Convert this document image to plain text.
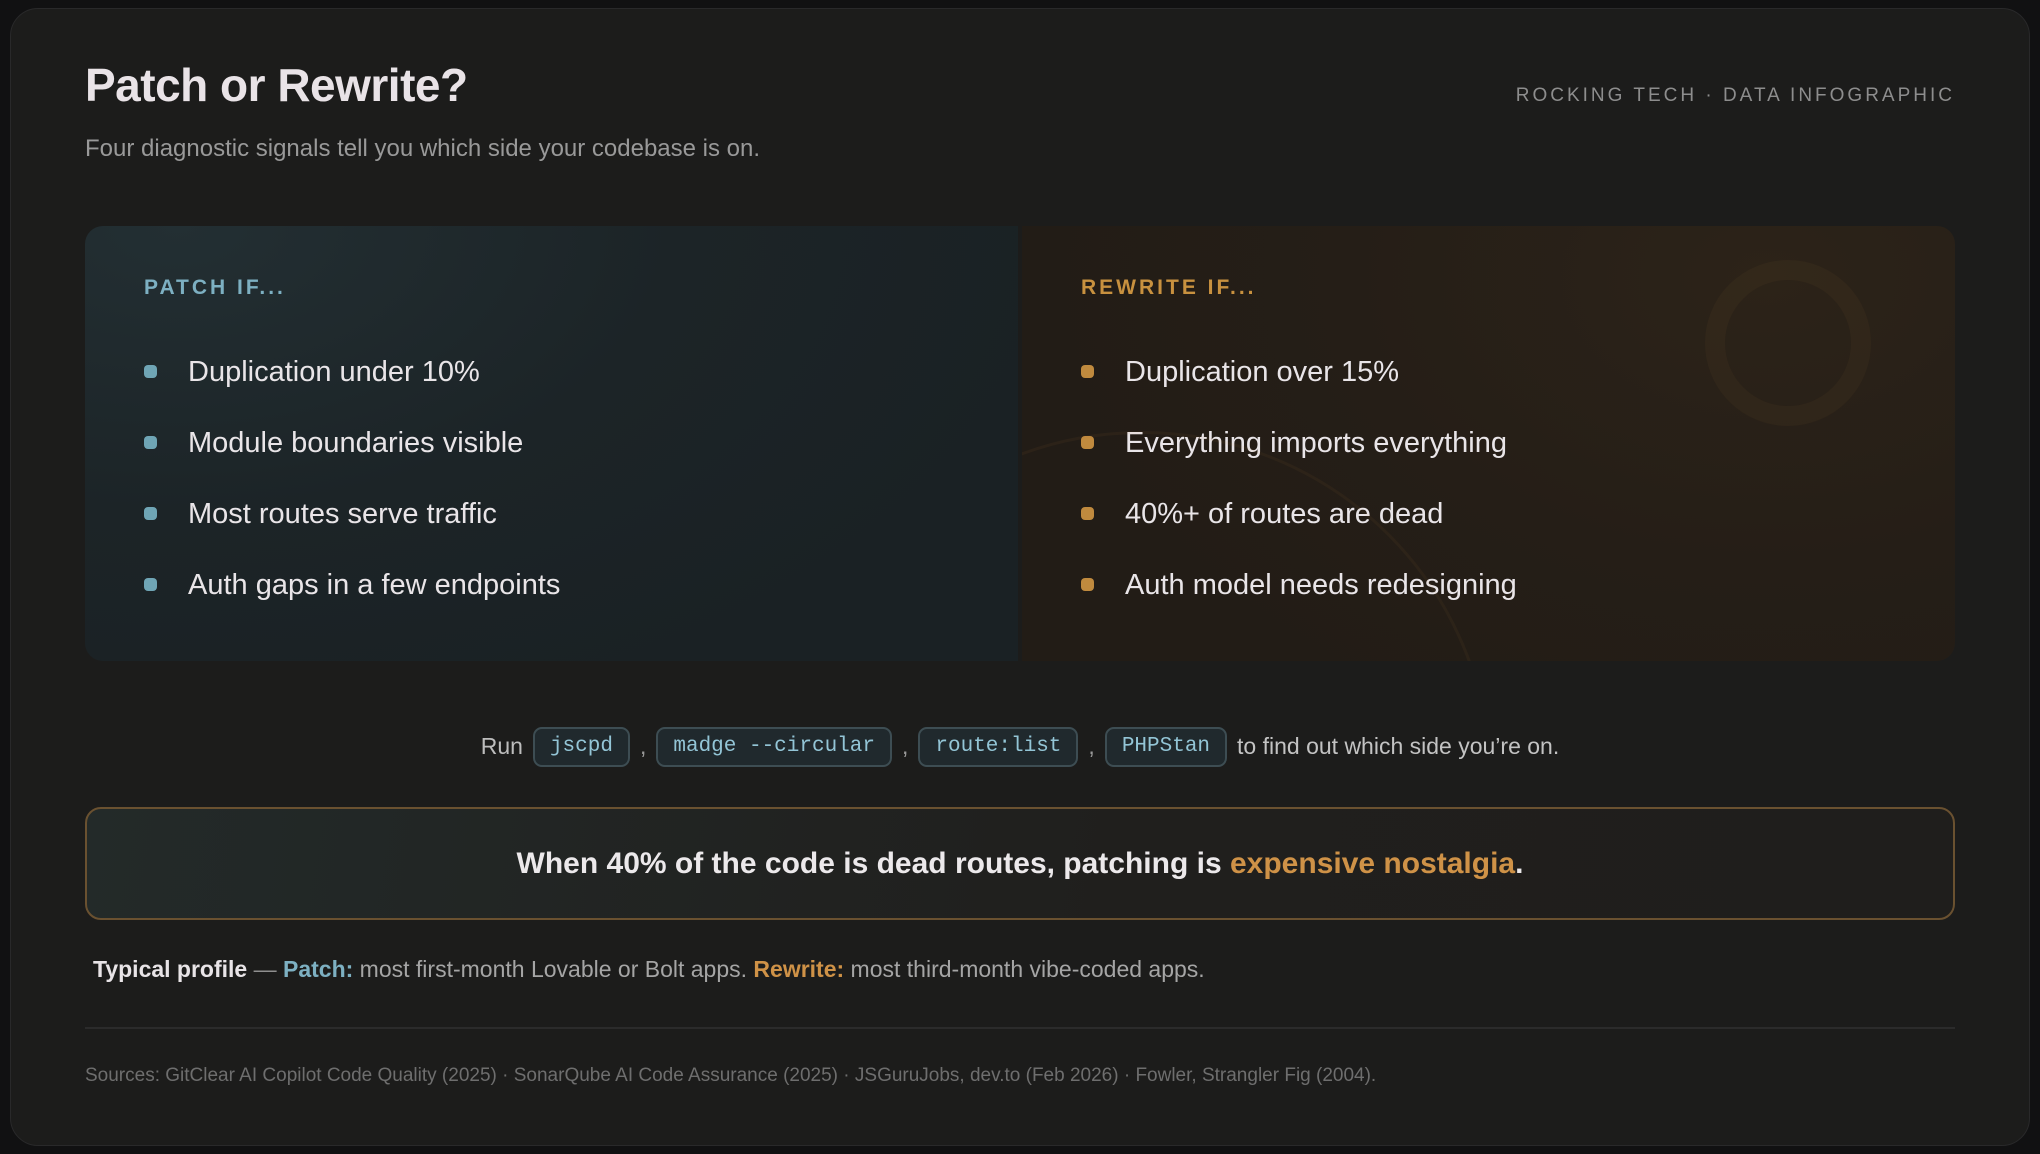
Patch or Rewrite?	ROCKING TECH · DATA INFOGRAPHIC
Four diagnostic signals tell you which side your codebase is on.
PATCH IF...
Duplication under 10%
Module boundaries visible
Most routes serve traffic
Auth gaps in a few endpoints
REWRITE IF...
Duplication over 15%
Everything imports everything
40%+ of routes are dead
Auth model needs redesigning
Run	jscpd	,	madge --circular	,	route:list	,	PHPStan	to find out which side you’re on.
When 40% of the code is dead routes, patching is expensive nostalgia.
Typical profile — Patch: most first-month Lovable or Bolt apps. Rewrite: most third-month vibe-coded apps.
Sources: GitClear AI Copilot Code Quality (2025) · SonarQube AI Code Assurance (2025) · JSGuruJobs, dev.to (Feb 2026) · Fowler, Strangler Fig (2004).
